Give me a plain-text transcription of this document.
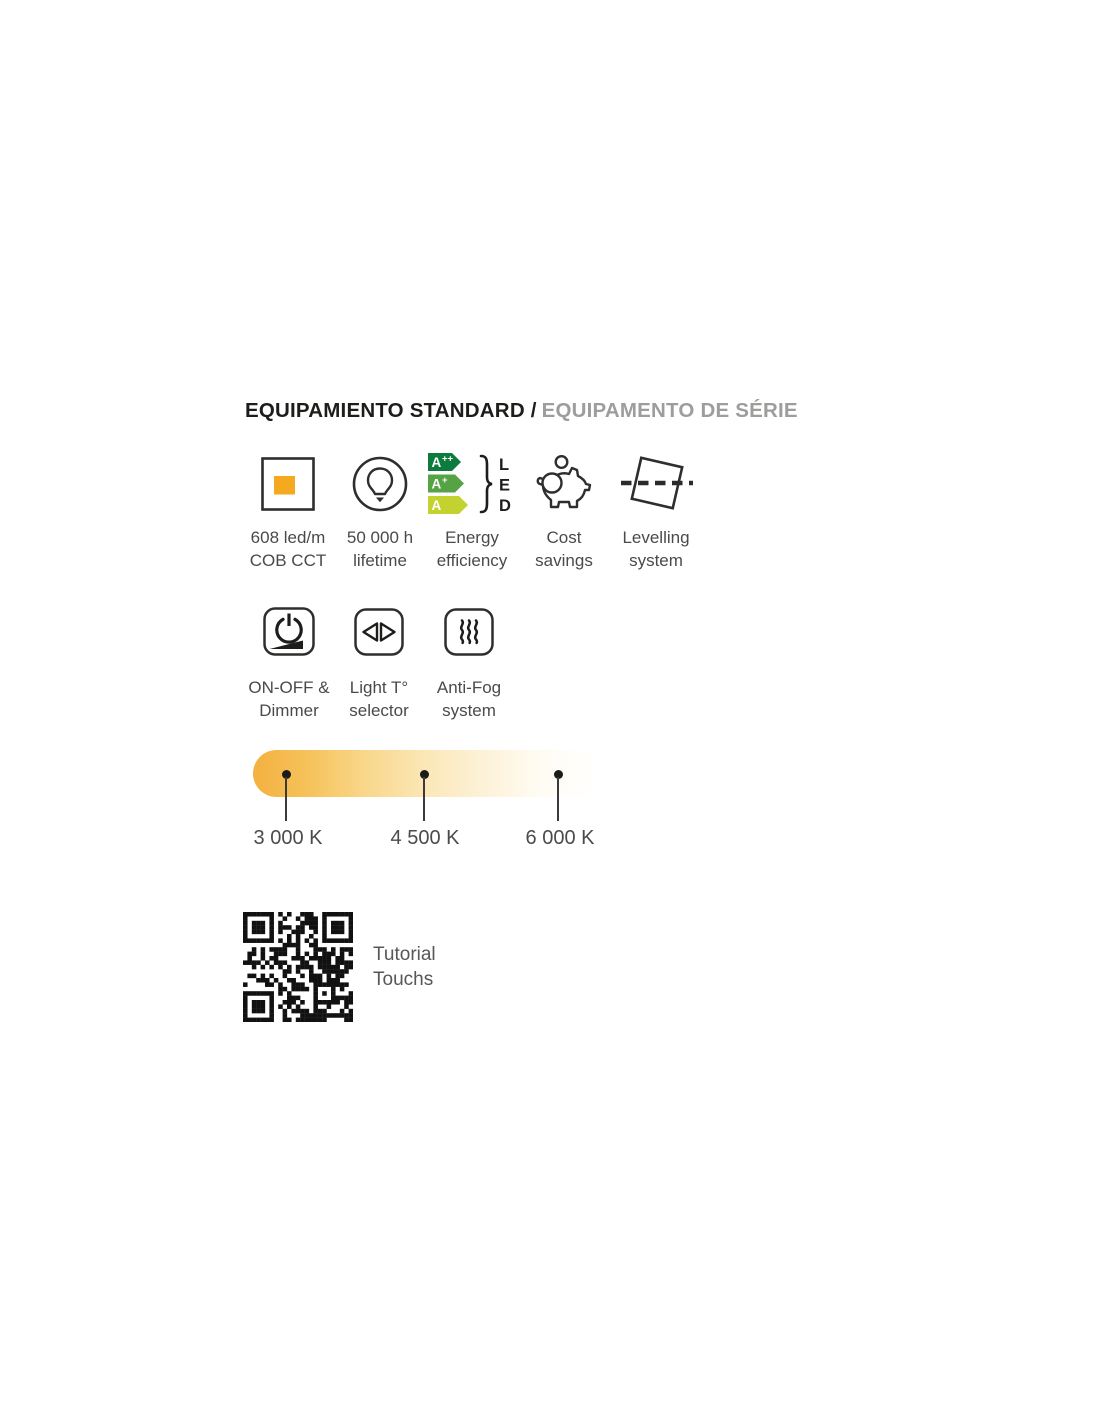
EQUIPAMIENTO STANDARD / EQUIPAMENTO DE SÉRIE
608 led/m
COB CCT
50 000 h
lifetime
A ++
A +
A
L
E
D
Energy
efficiency
Cost
savings
Levelling
system
ON-OFF &
Dimmer
Light T°
selector
Anti-Fog
system
3 000 K	4 500 K	6 000 K
Tutorial
Touchs
